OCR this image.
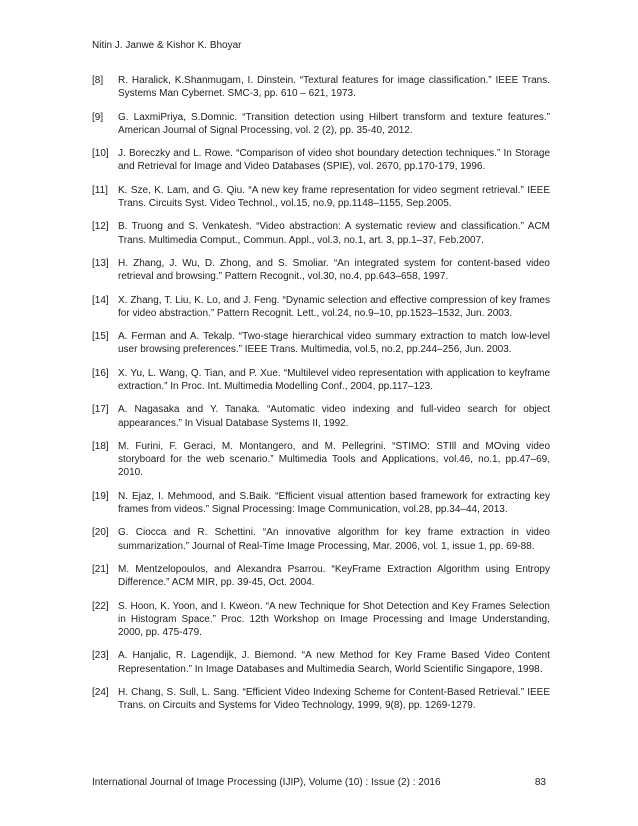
Nitin J. Janwe & Kishor K. Bhoyar
[8] R. Haralick, K.Shanmugam, I. Dinstein. “Textural features for image classification.” IEEE Trans. Systems Man Cybernet. SMC-3, pp. 610 – 621, 1973.
[9] G. LaxmiPriya, S.Domnic. “Transition detection using Hilbert transform and texture features.” American Journal of Signal Processing, vol. 2 (2), pp. 35-40, 2012.
[10] J. Boreczky and L. Rowe. “Comparison of video shot boundary detection techniques.” In Storage and Retrieval for Image and Video Databases (SPIE), vol. 2670, pp.170-179, 1996.
[11] K. Sze, K. Lam, and G. Qiu. “A new key frame representation for video segment retrieval.” IEEE Trans. Circuits Syst. Video Technol., vol.15, no.9, pp.1148–1155, Sep.2005.
[12] B. Truong and S. Venkatesh. “Video abstraction: A systematic review and classification.” ACM Trans. Multimedia Comput., Commun. Appl., vol.3, no.1, art. 3, pp.1–37, Feb.2007.
[13] H. Zhang, J. Wu, D. Zhong, and S. Smoliar. “An integrated system for content-based video retrieval and browsing.” Pattern Recognit., vol.30, no.4, pp.643–658, 1997.
[14] X. Zhang, T. Liu, K. Lo, and J. Feng. “Dynamic selection and effective compression of key frames for video abstraction.” Pattern Recognit. Lett., vol.24, no.9–10, pp.1523–1532, Jun. 2003.
[15] A. Ferman and A. Tekalp. “Two-stage hierarchical video summary extraction to match low-level user browsing preferences.” IEEE Trans. Multimedia, vol.5, no.2, pp.244–256, Jun. 2003.
[16] X. Yu, L. Wang, Q. Tian, and P. Xue. “Multilevel video representation with application to keyframe extraction.” In Proc. Int. Multimedia Modelling Conf., 2004, pp.117–123.
[17] A. Nagasaka and Y. Tanaka. “Automatic video indexing and full-video search for object appearances.” In Visual Database Systems II, 1992.
[18] M. Furini, F. Geraci, M. Montangero, and M. Pellegrini. “STIMO: STIll and MOving video storyboard for the web scenario.” Multimedia Tools and Applications, vol.46, no.1, pp.47–69, 2010.
[19] N. Ejaz, I. Mehmood, and S.Baik. “Efficient visual attention based framework for extracting key frames from videos.” Signal Processing: Image Communication, vol.28, pp.34–44, 2013.
[20] G. Ciocca and R. Schettini. “An innovative algorithm for key frame extraction in video summarization.” Journal of Real-Time Image Processing, Mar. 2006, vol. 1, issue 1, pp. 69-88.
[21] M. Mentzelopoulos, and Alexandra Psarrou. “KeyFrame Extraction Algorithm using Entropy Difference.” ACM MIR, pp. 39-45, Oct. 2004.
[22] S. Hoon, K. Yoon, and I. Kweon. “A new Technique for Shot Detection and Key Frames Selection in Histogram Space.” Proc. 12th Workshop on Image Processing and Image Understanding, 2000, pp. 475-479.
[23] A. Hanjalic, R. Lagendijk, J. Biemond. “A new Method for Key Frame Based Video Content Representation.” In Image Databases and Multimedia Search, World Scientific Singapore, 1998.
[24] H. Chang, S. Sull, L. Sang. “Efficient Video Indexing Scheme for Content-Based Retrieval.” IEEE Trans. on Circuits and Systems for Video Technology, 1999, 9(8), pp. 1269-1279.
International Journal of Image Processing (IJIP), Volume (10) : Issue (2) : 2016	83
